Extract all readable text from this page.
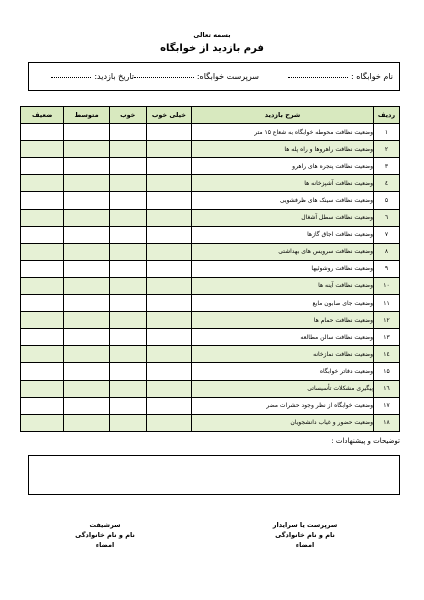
بسمه تعالی
فرم بازدید از خوابگاه
نام خوابگاه :
سرپرست خوابگاه:
تاریخ بازدید:
ردیف	شرح بازدید	خیلی خوب	خوب	متوسط	ضعیف
۱	وضعیت نظافت محوطه خوابگاه به شعاع ۱۵ متر				
۲	وضعیت نظافت راهروها و راه پله ها				
۳	وضعیت نظافت پنجره های راهرو				
٤	وضعیت نظافت آشپزخانه ها				
۵	وضعیت نظافت سینک های ظرفشویی				
٦	وضعیت نظافت سطل آشغال				
۷	وضعیت نظافت اجاق گازها				
۸	وضعیت نظافت سرویس های بهداشتی				
۹	وضعیت نظافت روشوئیها				
۱۰	وضعیت نظافت آینه ها				
۱۱	وضعیت جای صابون مایع				
۱۲	وضعیت نظافت حمام ها				
۱۳	وضعیت نظافت سالن مطالعه				
۱٤	وضعیت نظافت نمازخانه				
۱۵	وضعیت دفاتر خوابگاه				
۱٦	پیگیری مشکلات تأسیساتی				
۱۷	وضعیت خوابگاه از نظر وجود حشرات مضر				
۱۸	وضعیت حضور و غیاب دانشجویان				
توضیحات و پیشنهادات :
سرشیفت
نام و نام خانوادگی
امضاء
سرپرست یا سرایدار
نام و نام خانوادگی
امضاء
